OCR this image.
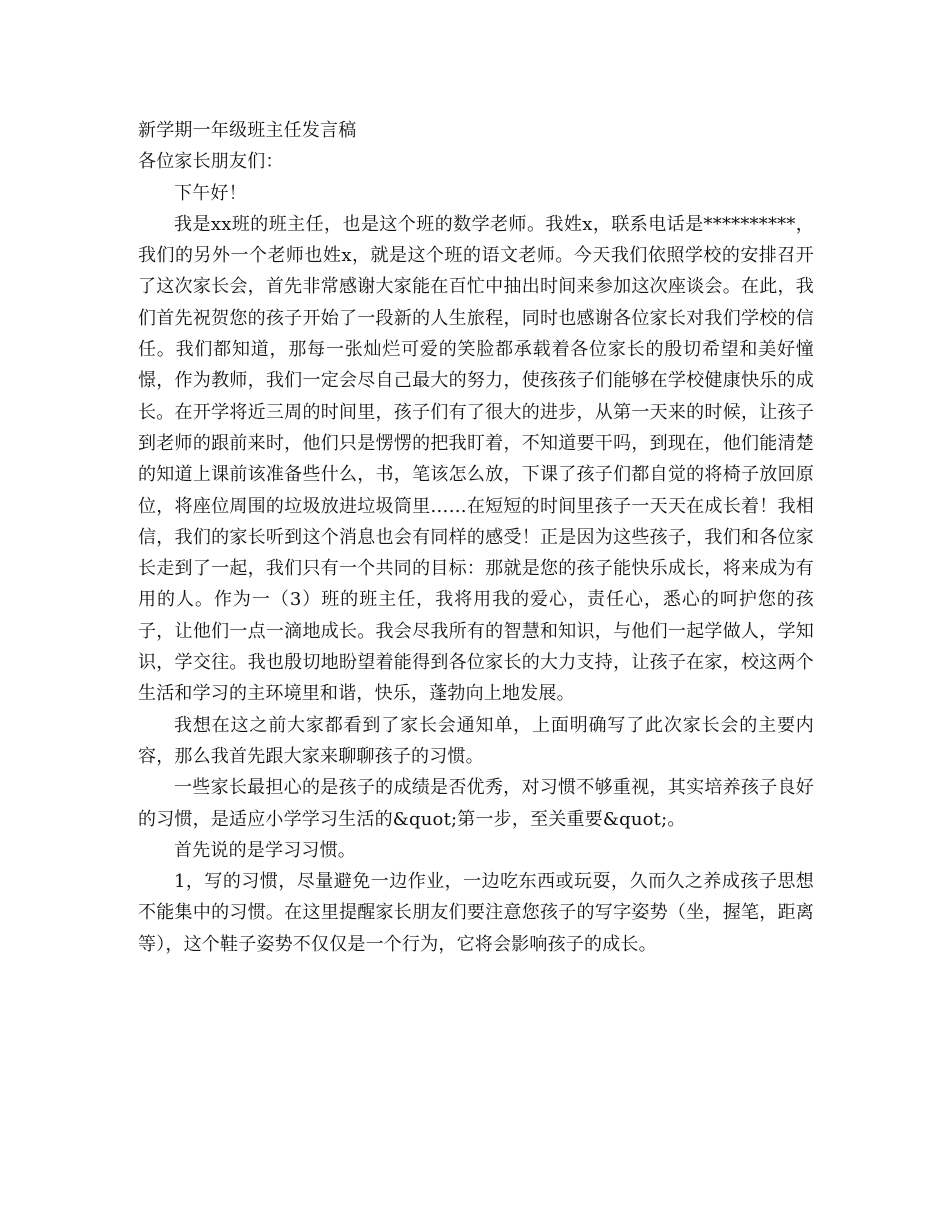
新学期一年级班主任发言稿

各位家长朋友们：

下午好！

我是xx班的班主任，也是这个班的数学老师。我姓x，联系电话是**********，我们的另外一个老师也姓x，就是这个班的语文老师。今天我们依照学校的安排召开了这次家长会，首先非常感谢大家能在百忙中抽出时间来参加这次座谈会。在此，我们首先祝贺您的孩子开始了一段新的人生旅程，同时也感谢各位家长对我们学校的信任。我们都知道，那每一张灿烂可爱的笑脸都承载着各位家长的殷切希望和美好憧憬，作为教师，我们一定会尽自己最大的努力，使孩孩子们能够在学校健康快乐的成长。在开学将近三周的时间里，孩子们有了很大的进步，从第一天来的时候，让孩子到老师的跟前来时，他们只是愣愣的把我盯着，不知道要干吗，到现在，他们能清楚的知道上课前该准备些什么，书，笔该怎么放，下课了孩子们都自觉的将椅子放回原位，将座位周围的垃圾放进垃圾筒里……在短短的时间里孩子一天天在成长着！我相信，我们的家长听到这个消息也会有同样的感受！正是因为这些孩子，我们和各位家长走到了一起，我们只有一个共同的目标：那就是您的孩子能快乐成长，将来成为有用的人。作为一（3）班的班主任，我将用我的爱心，责任心，悉心的呵护您的孩子，让他们一点一滴地成长。我会尽我所有的智慧和知识，与他们一起学做人，学知识，学交往。我也殷切地盼望着能得到各位家长的大力支持，让孩子在家，校这两个生活和学习的主环境里和谐，快乐，蓬勃向上地发展。

我想在这之前大家都看到了家长会通知单，上面明确写了此次家长会的主要内容，那么我首先跟大家来聊聊孩子的习惯。

一些家长最担心的是孩子的成绩是否优秀，对习惯不够重视，其实培养孩子良好的习惯，是适应小学学习生活的&quot;第一步，至关重要&quot;。

首先说的是学习习惯。

1，写的习惯，尽量避免一边作业，一边吃东西或玩耍，久而久之养成孩子思想不能集中的习惯。在这里提醒家长朋友们要注意您孩子的写字姿势（坐，握笔，距离等），这个鞋子姿势不仅仅是一个行为，它将会影响孩子的成长。
